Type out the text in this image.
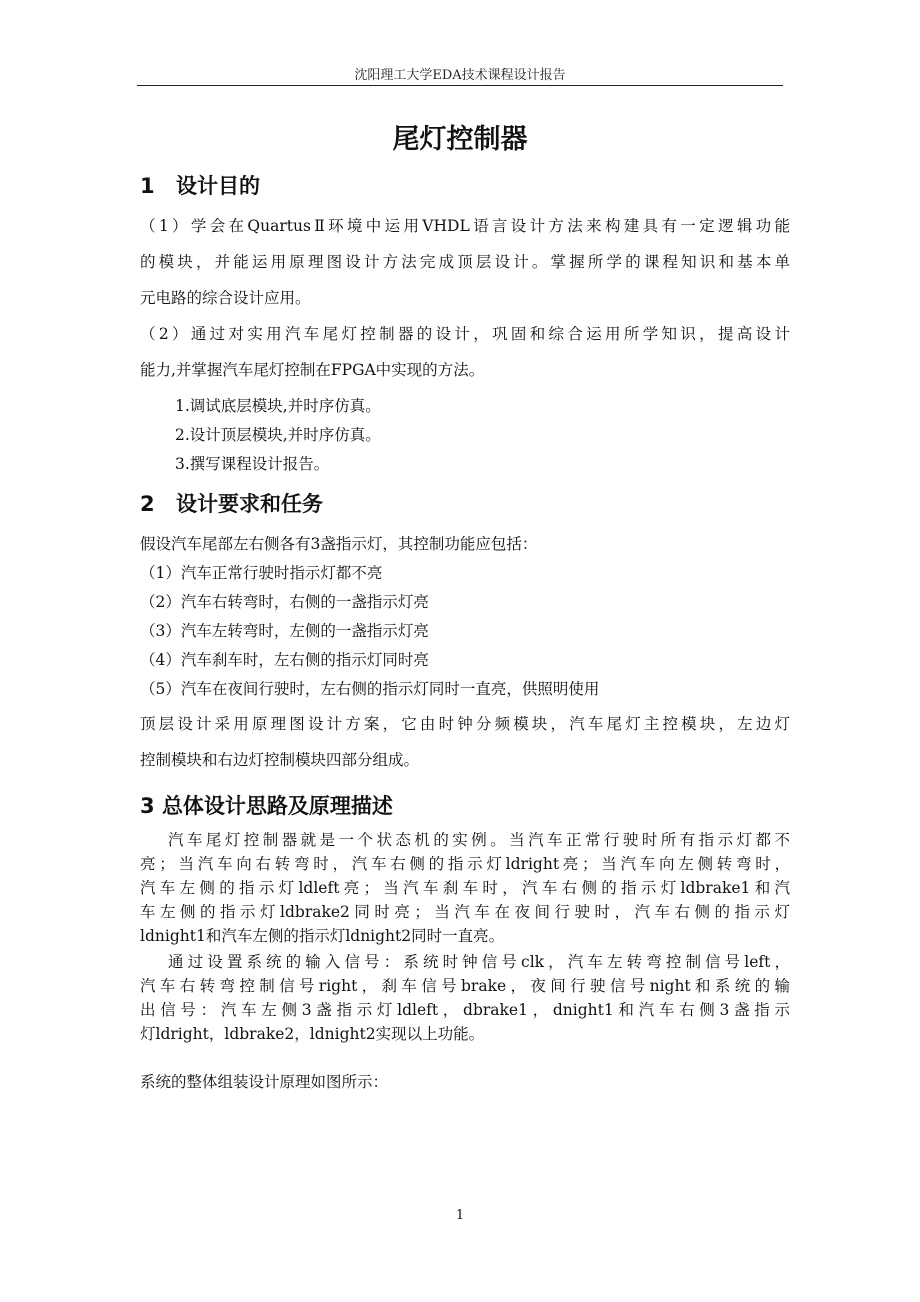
沈阳理工大学EDA技术课程设计报告
尾灯控制器
1 设计目的
（1）学会在QuartusⅡ环境中运用VHDL语言设计方法来构建具有一定逻辑功能
的模块，并能运用原理图设计方法完成顶层设计。掌握所学的课程知识和基本单
元电路的综合设计应用。
（2）通过对实用汽车尾灯控制器的设计，巩固和综合运用所学知识，提高设计
能力,并掌握汽车尾灯控制在FPGA中实现的方法。
1.调试底层模块,并时序仿真。
2.设计顶层模块,并时序仿真。
3.撰写课程设计报告。
2 设计要求和任务
假设汽车尾部左右侧各有3盏指示灯，其控制功能应包括：
（1）汽车正常行驶时指示灯都不亮
（2）汽车右转弯时，右侧的一盏指示灯亮
（3）汽车左转弯时，左侧的一盏指示灯亮
（4）汽车刹车时，左右侧的指示灯同时亮
（5）汽车在夜间行驶时，左右侧的指示灯同时一直亮，供照明使用
顶层设计采用原理图设计方案，它由时钟分频模块，汽车尾灯主控模块，左边灯
控制模块和右边灯控制模块四部分组成。
3 总体设计思路及原理描述
汽车尾灯控制器就是一个状态机的实例。当汽车正常行驶时所有指示灯都不
亮；当汽车向右转弯时，汽车右侧的指示灯ldright亮；当汽车向左侧转弯时，
汽车左侧的指示灯ldleft亮；当汽车刹车时，汽车右侧的指示灯ldbrake1和汽
车左侧的指示灯ldbrake2同时亮；当汽车在夜间行驶时，汽车右侧的指示灯
ldnight1和汽车左侧的指示灯ldnight2同时一直亮。
通过设置系统的输入信号：系统时钟信号clk，汽车左转弯控制信号left，
汽车右转弯控制信号right，刹车信号brake，夜间行驶信号night和系统的输
出信号：汽车左侧3盏指示灯ldleft，dbrake1，dnight1和汽车右侧3盏指示
灯ldright，ldbrake2，ldnight2实现以上功能。
系统的整体组装设计原理如图所示：
1
